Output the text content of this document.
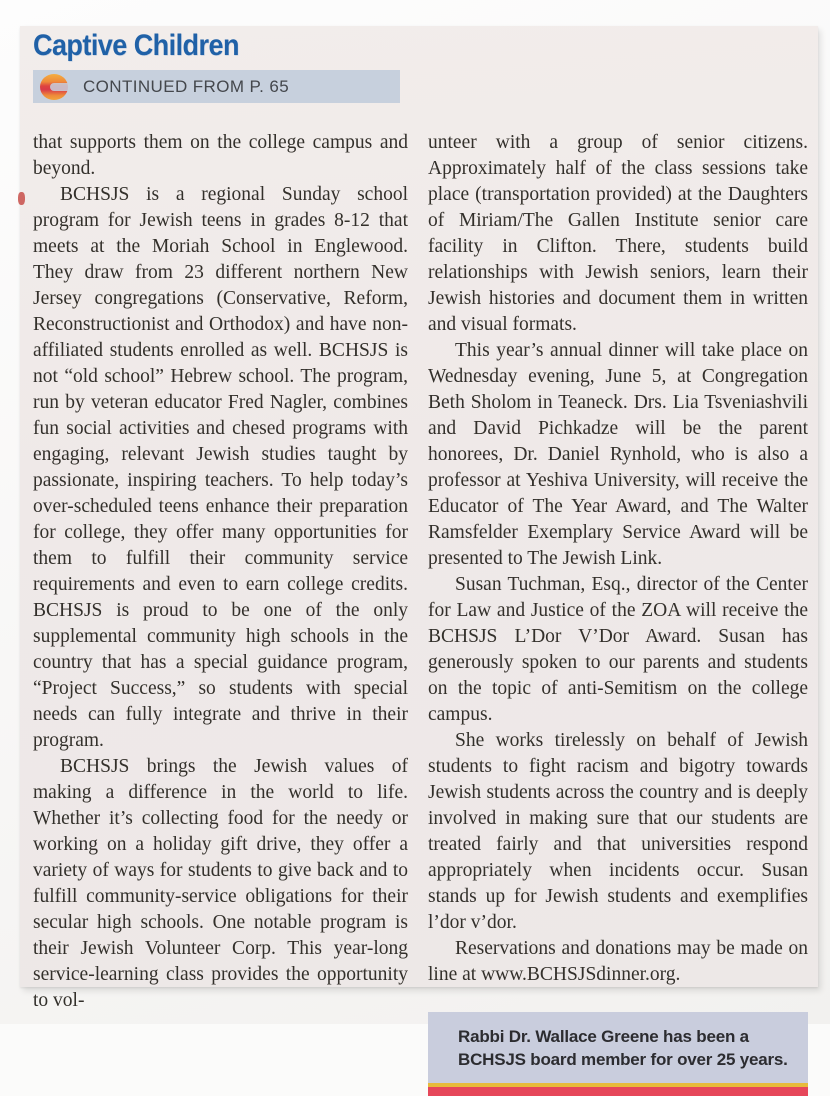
Captive Children
CONTINUED FROM P. 65

that supports them on the college campus and beyond.

BCHSJS is a regional Sunday school program for Jewish teens in grades 8-12 that meets at the Moriah School in Englewood. They draw from 23 different northern New Jersey congregations (Conservative, Reform, Reconstructionist and Orthodox) and have non-affiliated students enrolled as well. BCHSJS is not “old school” Hebrew school. The program, run by veteran educator Fred Nagler, combines fun social activities and chesed programs with engaging, relevant Jewish studies taught by passionate, inspiring teachers. To help today’s over-scheduled teens enhance their preparation for college, they offer many opportunities for them to fulfill their community service requirements and even to earn college credits. BCHSJS is proud to be one of the only supplemental community high schools in the country that has a special guidance program, “Project Success,” so students with special needs can fully integrate and thrive in their program.

BCHSJS brings the Jewish values of making a difference in the world to life. Whether it’s collecting food for the needy or working on a holiday gift drive, they offer a variety of ways for students to give back and to fulfill community-service obligations for their secular high schools. One notable program is their Jewish Volunteer Corp. This year-long service-learning class provides the opportunity to vol-

unteer with a group of senior citizens. Approximately half of the class sessions take place (transportation provided) at the Daughters of Miriam/The Gallen Institute senior care facility in Clifton. There, students build relationships with Jewish seniors, learn their Jewish histories and document them in written and visual formats.

This year’s annual dinner will take place on Wednesday evening, June 5, at Congregation Beth Sholom in Teaneck. Drs. Lia Tsveniashvili and David Pichkadze will be the parent honorees, Dr. Daniel Rynhold, who is also a professor at Yeshiva University, will receive the Educator of The Year Award, and The Walter Ramsfelder Exemplary Service Award will be presented to The Jewish Link.

Susan Tuchman, Esq., director of the Center for Law and Justice of the ZOA will receive the BCHSJS L’Dor V’Dor Award. Susan has generously spoken to our parents and students on the topic of anti-Semitism on the college campus.

She works tirelessly on behalf of Jewish students to fight racism and bigotry towards Jewish students across the country and is deeply involved in making sure that our students are treated fairly and that universities respond appropriately when incidents occur. Susan stands up for Jewish students and exemplifies l’dor v’dor.

Reservations and donations may be made on line at www.BCHSJSdinner.org.

Rabbi Dr. Wallace Greene has been a BCHSJS board member for over 25 years.
